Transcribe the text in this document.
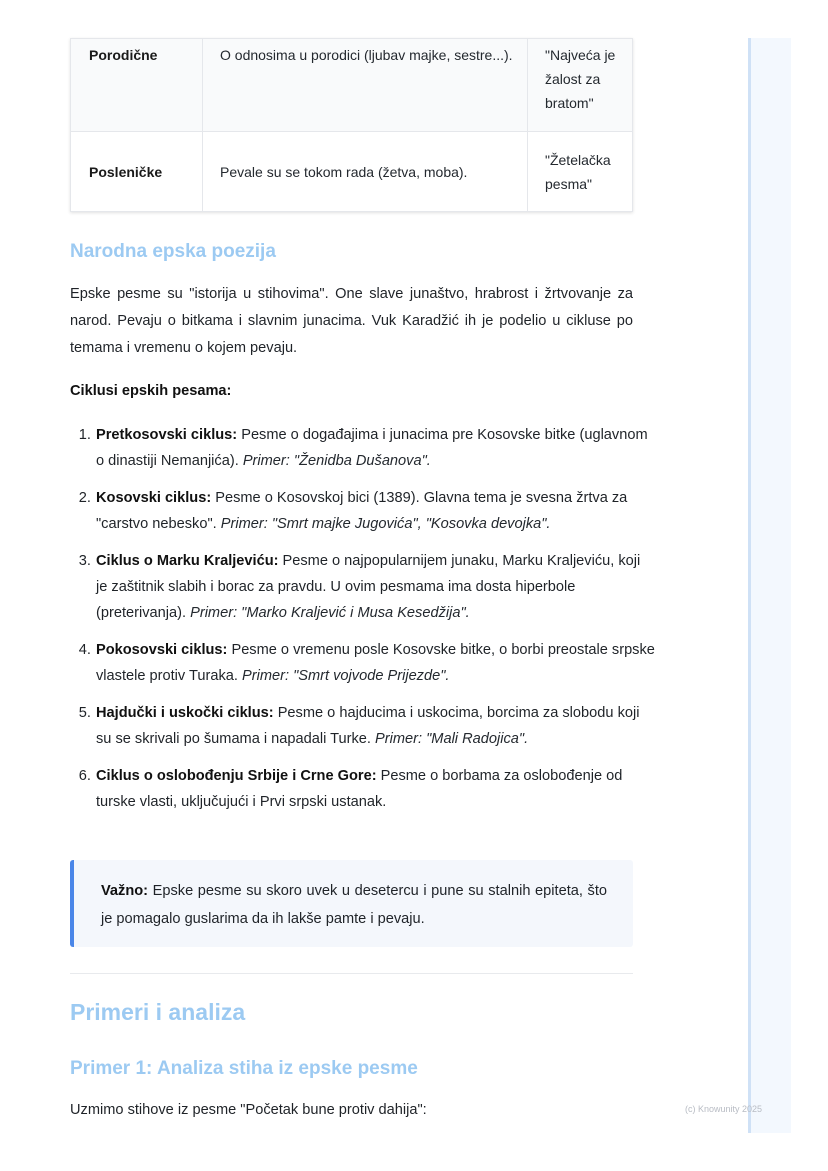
Porodične	O odnosima u porodici (ljubav majke, sestre...).	"Najveća je žalost za bratom"

Posleničke	Pevale su se tokom rada (žetva, moba).	"Žetelačka pesma"
Narodna epska poezija

Epske pesme su "istorija u stihovima". One slave junaštvo, hrabrost i žrtvovanje za narod. Pevaju o bitkama i slavnim junacima. Vuk Karadžić ih je podelio u cikluse po temama i vremenu o kojem pevaju.

Ciklusi epskih pesama:

1. Pretkosovski ciklus: Pesme o događajima i junacima pre Kosovske bitke (uglavnom o dinastiji Nemanjića). Primer: "Ženidba Dušanova".
2. Kosovski ciklus: Pesme o Kosovskoj bici (1389). Glavna tema je svesna žrtva za "carstvo nebesko". Primer: "Smrt majke Jugovića", "Kosovka devojka".
3. Ciklus o Marku Kraljeviću: Pesme o najpopularnijem junaku, Marku Kraljeviću, koji je zaštitnik slabih i borac za pravdu. U ovim pesmama ima dosta hiperbole (preterivanja). Primer: "Marko Kraljević i Musa Kesedžija".
4. Pokosovski ciklus: Pesme o vremenu posle Kosovske bitke, o borbi preostale srpske vlastele protiv Turaka. Primer: "Smrt vojvode Prijezde".
5. Hajdučki i uskočki ciklus: Pesme o hajducima i uskocima, borcima za slobodu koji su se skrivali po šumama i napadali Turke. Primer: "Mali Radojica".
6. Ciklus o oslobođenju Srbije i Crne Gore: Pesme o borbama za oslobođenje od turske vlasti, uključujući i Prvi srpski ustanak.
Važno: Epske pesme su skoro uvek u desetercu i pune su stalnih epiteta, što je pomagalo guslarima da ih lakše pamte i pevaju.
Primeri i analiza
Primer 1: Analiza stiha iz epske pesme

Uzmimo stihove iz pesme "Početak bune protiv dahija":	(c) Knowunity 2025
